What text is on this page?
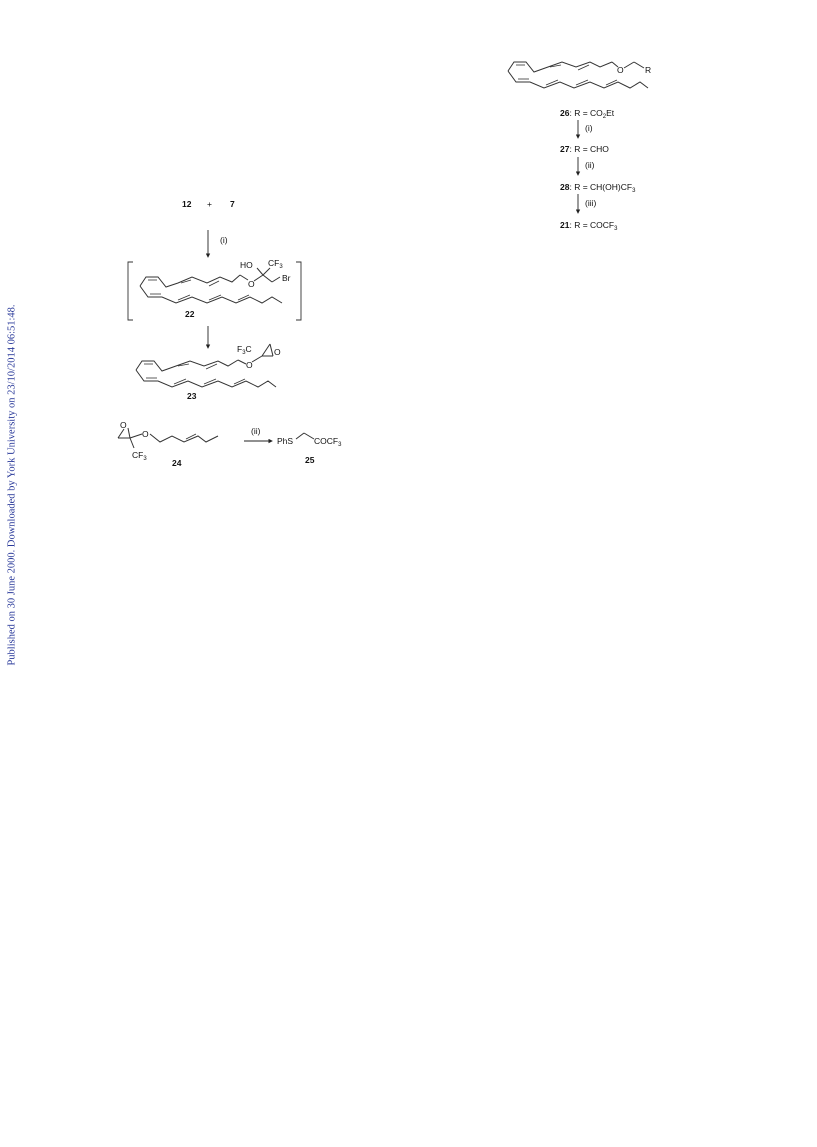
Published on 30 June 2000. Downloaded by York University on 23/10/2014 06:51:48.
12 + 7
(i)
O
HO $CF_3$
Br
22
O
$F_3C$	O
23
O
O
$CF_3$	24
(ii)
PhS $COCF_3$
25
O	R
26: $R = CO_2Et$
(i)
27: R = CHO
(ii)
28: $R = CH(OH)CF_3$
(iii)
21: $R = COCF_3$
